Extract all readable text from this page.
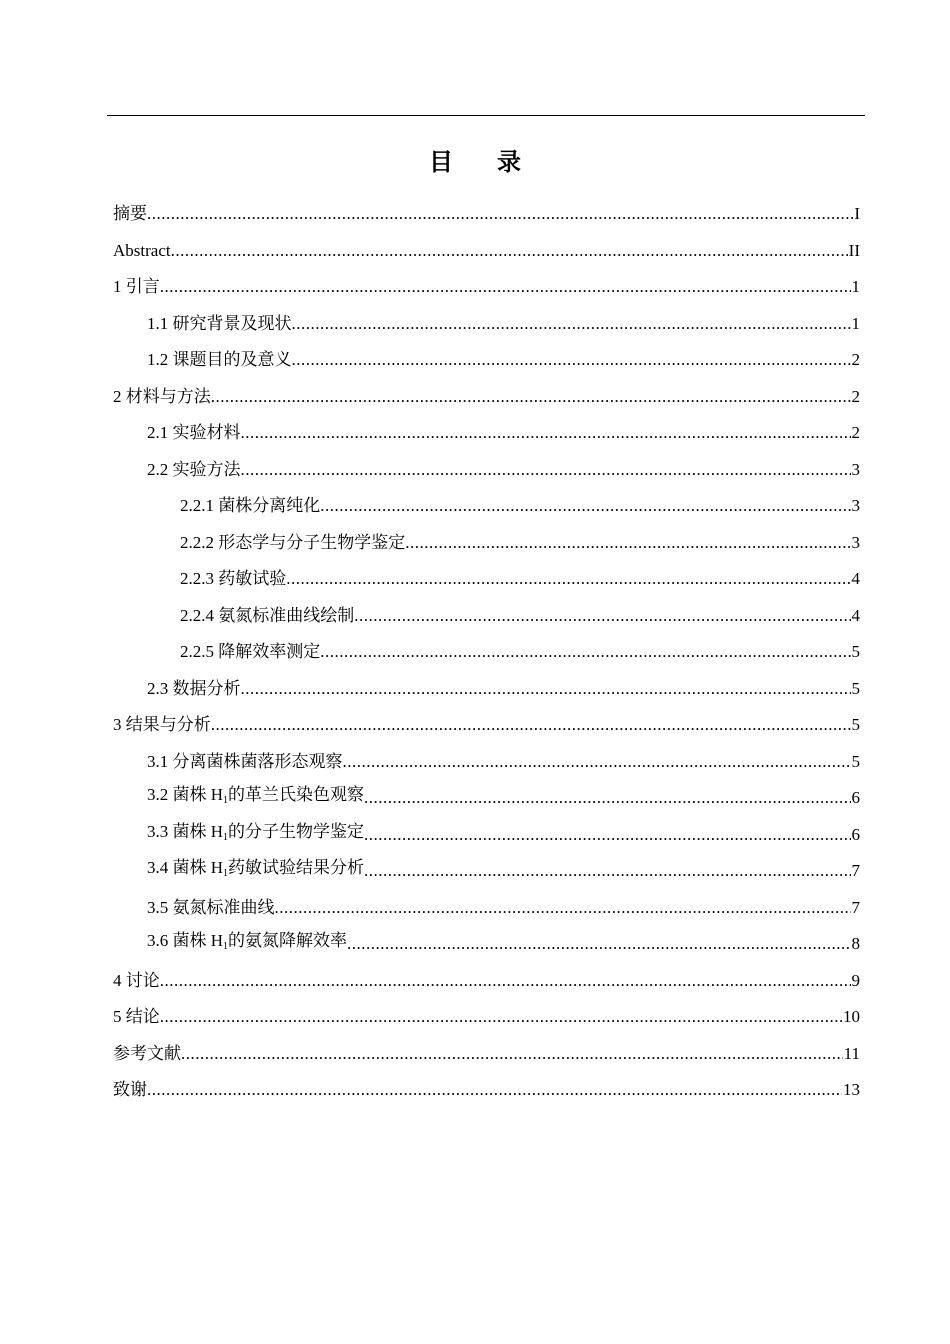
目 录
摘要 .....	I
Abstract .....	II
1 引言 .....	1
1.1 研究背景及现状 .....	1
1.2 课题目的及意义 .....	2
2 材料与方法 .....	2
2.1 实验材料 .....	2
2.2 实验方法 .....	3
2.2.1 菌株分离纯化 .....	3
2.2.2 形态学与分子生物学鉴定 .....	3
2.2.3 药敏试验 .....	4
2.2.4 氨氮标准曲线绘制 .....	4
2.2.5 降解效率测定 .....	5
2.3 数据分析 .....	5
3 结果与分析 .....	5
3.1 分离菌株菌落形态观察 .....	5
3.2 菌株 $H_1$的革兰氏染色观察 .....	6
3.3 菌株 $H_1$的分子生物学鉴定 .....	6
3.4 菌株 $H_1$药敏试验结果分析 .....	7
3.5 氨氮标准曲线 .....	7
3.6 菌株 $H_1$的氨氮降解效率 .....	8
4 讨论 .....	9
5 结论 .....	10
参考文献 .....	11
致谢 .....	13
